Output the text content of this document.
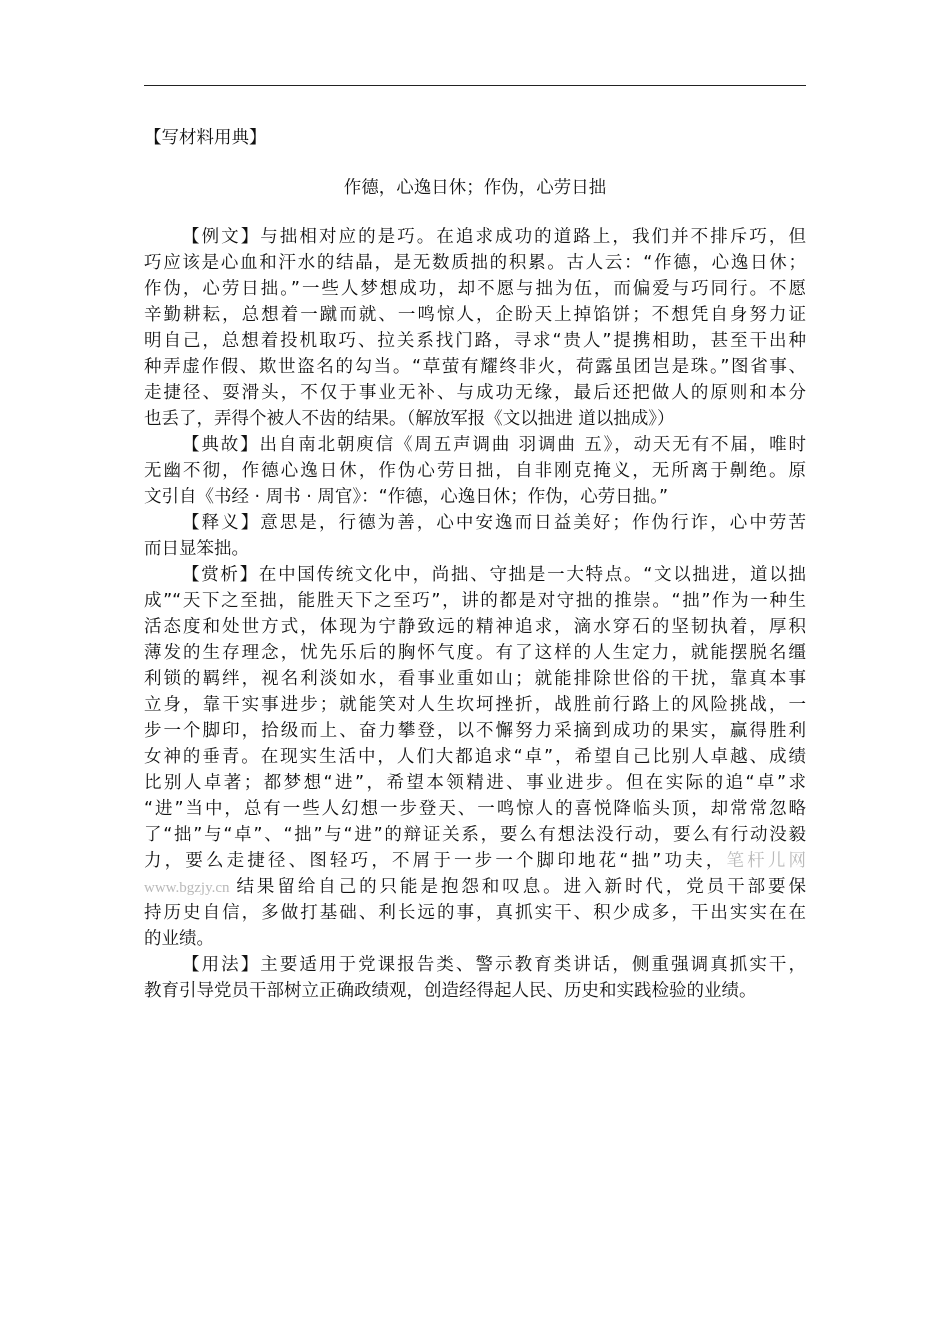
【写材料用典】
作德，心逸日休；作伪，心劳日拙
【例文】与拙相对应的是巧。在追求成功的道路上，我们并不排斥巧，但
巧应该是心血和汗水的结晶，是无数质拙的积累。古人云：“作德，心逸日休；
作伪，心劳日拙。”一些人梦想成功，却不愿与拙为伍，而偏爱与巧同行。不愿
辛勤耕耘，总想着一蹴而就、一鸣惊人，企盼天上掉馅饼；不想凭自身努力证
明自己，总想着投机取巧、拉关系找门路，寻求“贵人”提携相助，甚至干出种
种弄虚作假、欺世盗名的勾当。“草萤有耀终非火，荷露虽团岂是珠。”图省事、
走捷径、耍滑头，不仅于事业无补、与成功无缘，最后还把做人的原则和本分
也丢了，弄得个被人不齿的结果。（解放军报《文以拙进 道以拙成》）
【典故】出自南北朝庾信《周五声调曲 羽调曲 五》，动天无有不届，唯时
无幽不彻，作德心逸日休，作伪心劳日拙，自非刚克掩义，无所离于劓绝。原
文引自《书经 · 周书 · 周官》：“作德，心逸日休；作伪，心劳日拙。”
【释义】意思是，行德为善，心中安逸而日益美好；作伪行诈，心中劳苦
而日显笨拙。
【赏析】在中国传统文化中，尚拙、守拙是一大特点。“文以拙进，道以拙
成”“天下之至拙，能胜天下之至巧”，讲的都是对守拙的推崇。“拙”作为一种生
活态度和处世方式，体现为宁静致远的精神追求，滴水穿石的坚韧执着，厚积
薄发的生存理念，忧先乐后的胸怀气度。有了这样的人生定力，就能摆脱名缰
利锁的羁绊，视名利淡如水，看事业重如山；就能排除世俗的干扰，靠真本事
立身，靠干实事进步；就能笑对人生坎坷挫折，战胜前行路上的风险挑战，一
步一个脚印，拾级而上、奋力攀登，以不懈努力采摘到成功的果实，赢得胜利
女神的垂青。在现实生活中，人们大都追求“卓”，希望自己比别人卓越、成绩
比别人卓著；都梦想“进”，希望本领精进、事业进步。但在实际的追“卓”求
“进”当中，总有一些人幻想一步登天、一鸣惊人的喜悦降临头顶，却常常忽略
了“拙”与“卓”、“拙”与“进”的辩证关系，要么有想法没行动，要么有行动没毅
力，要么走捷径、图轻巧，不屑于一步一个脚印地花“拙”功夫，笔杆儿网
www.bgzjy.cn 结果留给自己的只能是抱怨和叹息。进入新时代，党员干部要保
持历史自信，多做打基础、利长远的事，真抓实干、积少成多，干出实实在在
的业绩。
【用法】主要适用于党课报告类、警示教育类讲话，侧重强调真抓实干，
教育引导党员干部树立正确政绩观，创造经得起人民、历史和实践检验的业绩。
